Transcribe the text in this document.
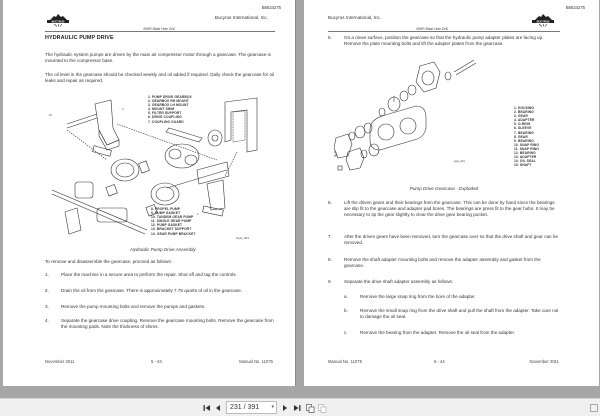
B6624275
BUCYRUS
Bucyrus International, Inc.
49HR Blast Hole Drill
HYDRAULIC PUMP DRIVE
The hydraulic system pumps are driven by the main air compressor motor through a gearcase. The gearcase is mounted to the compressor base.
The oil level in the gearcase should be checked weekly and oil added if required. Daily check the gearcase for oil leaks and repair as required.
15
3
2
1. PUMP DRIVE GEARBOX
2. GEARBOX RH MOUNT
3. GEARBOX LH MOUNT
4. MOUNT SHIM
5. FILTER SUPPORT
6. DRIVE COUPLING
7. COUPLING GUARD
8. PROPEL PUMP
9. PUMP GASKET
10. TANDEM GEAR PUMP
11. SINGLE GEAR PUMP
12. PUMP GASKET
13. BRACKET SUPPORT
14. GEAR PUMP BRACKET
shyd_001
Hydraulic Pump Drive Assembly
To remove and disassemble the gearcase, proceed as follows:
1.	Place the machine in a secure area to perform the repair. Shut off and tag the controls.
2.	Drain the oil from the gearcase. There is approximately 7.75 quarts of oil in the gearcase.
3.	Remove the pump mounting bolts and remove the pumps and gaskets.
4.	Separate the gearcase drive coupling. Remove the gearcase mounting bolts. Remove the gearcase from the mounting pads. Note the thickness of shims.
November 2011	5 - 43	Manual No. 11075
B6624275
Bucyrus International, Inc.
BUCYRUS
49HR Blast Hole Drill
5.	On a clean surface, position the gearcase so that the hydraulic pump adapter plates are facing up. Remove the plate mounting bolts and lift the adapter plates from the gearcase.
spgc_001
1. HOUSING
2. BEARING
3. GEAR
4. ADAPTER
5. O-RING
6. SLEEVE
7. BEARING
8. GEAR
9. BEARING
10. SNAP RING
11. SNAP RING
12. BEARING
13. ADAPTER
14. OIL SEAL
15. SHAFT
Pump Drive Gearcase - Exploded
6.	Lift the driven gears and their bearings from the gearcase. This can be done by hand since the bearings are slip fit to the gearcase and adapter pad bores. The bearings are press fit to the gear hubs. It may be necessary to tip the gear slightly to clear the drive gear bearing pocket.
7.	After the driven gears have been removed, turn the gearcase over so that the drive shaft and gear can be removed.
8.	Remove the shaft adapter mounting bolts and remove the adapter assembly and gasket from the gearcase.
9.	Separate the drive shaft adapter assembly as follows:
a.	Remove the large snap ring from the bore of the adapter.
b.	Remove the small snap ring from the drive shaft and pull the shaft from the adapter. Take care not to damage the oil seal.
c.	Remove the bearing from the adapter. Remove the oil seal from the adapter.
Manual No. 11075	5 - 44	November 2011
231 / 391 ▾
